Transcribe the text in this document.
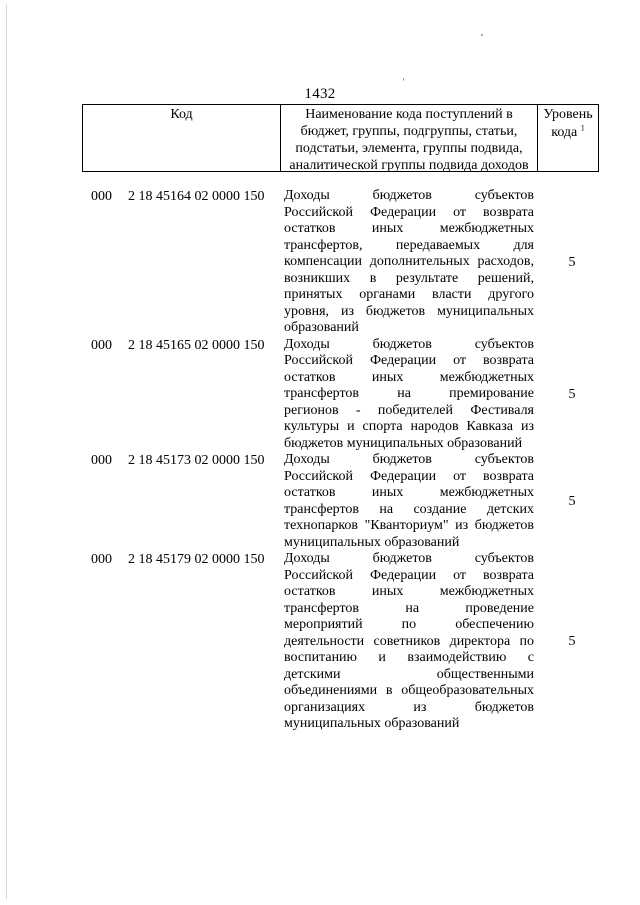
1432
Код	Наименование кода поступлений в
бюджет, группы, подгруппы, статьи,
подстатьи, элемента, группы подвида,
аналитической группы подвида доходов
Уровень
кода $^1$
000 2 18 45164 02 0000 150 Доходы бюджетов субъектов
Российской Федерации от возврата
остатков иных межбюджетных
трансфертов, передаваемых для
компенсации дополнительных расходов,
возникших в результате решений,
принятых органами власти другого
уровня, из бюджетов муниципальных
образований
5
000 2 18 45165 02 0000 150 Доходы бюджетов субъектов
Российской Федерации от возврата
остатков иных межбюджетных
трансфертов на премирование
регионов - победителей Фестиваля
культуры и спорта народов Кавказа из
бюджетов муниципальных образований
5
000 2 18 45173 02 0000 150 Доходы бюджетов субъектов
Российской Федерации от возврата
остатков иных межбюджетных
трансфертов на создание детских
технопарков "Кванториум" из бюджетов
муниципальных образований
5
000 2 18 45179 02 0000 150 Доходы бюджетов субъектов
Российской Федерации от возврата
остатков иных межбюджетных
трансфертов на проведение
мероприятий по обеспечению
деятельности советников директора по
воспитанию и взаимодействию с
детскими общественными
объединениями в общеобразовательных
организациях из бюджетов
муниципальных образований
5
